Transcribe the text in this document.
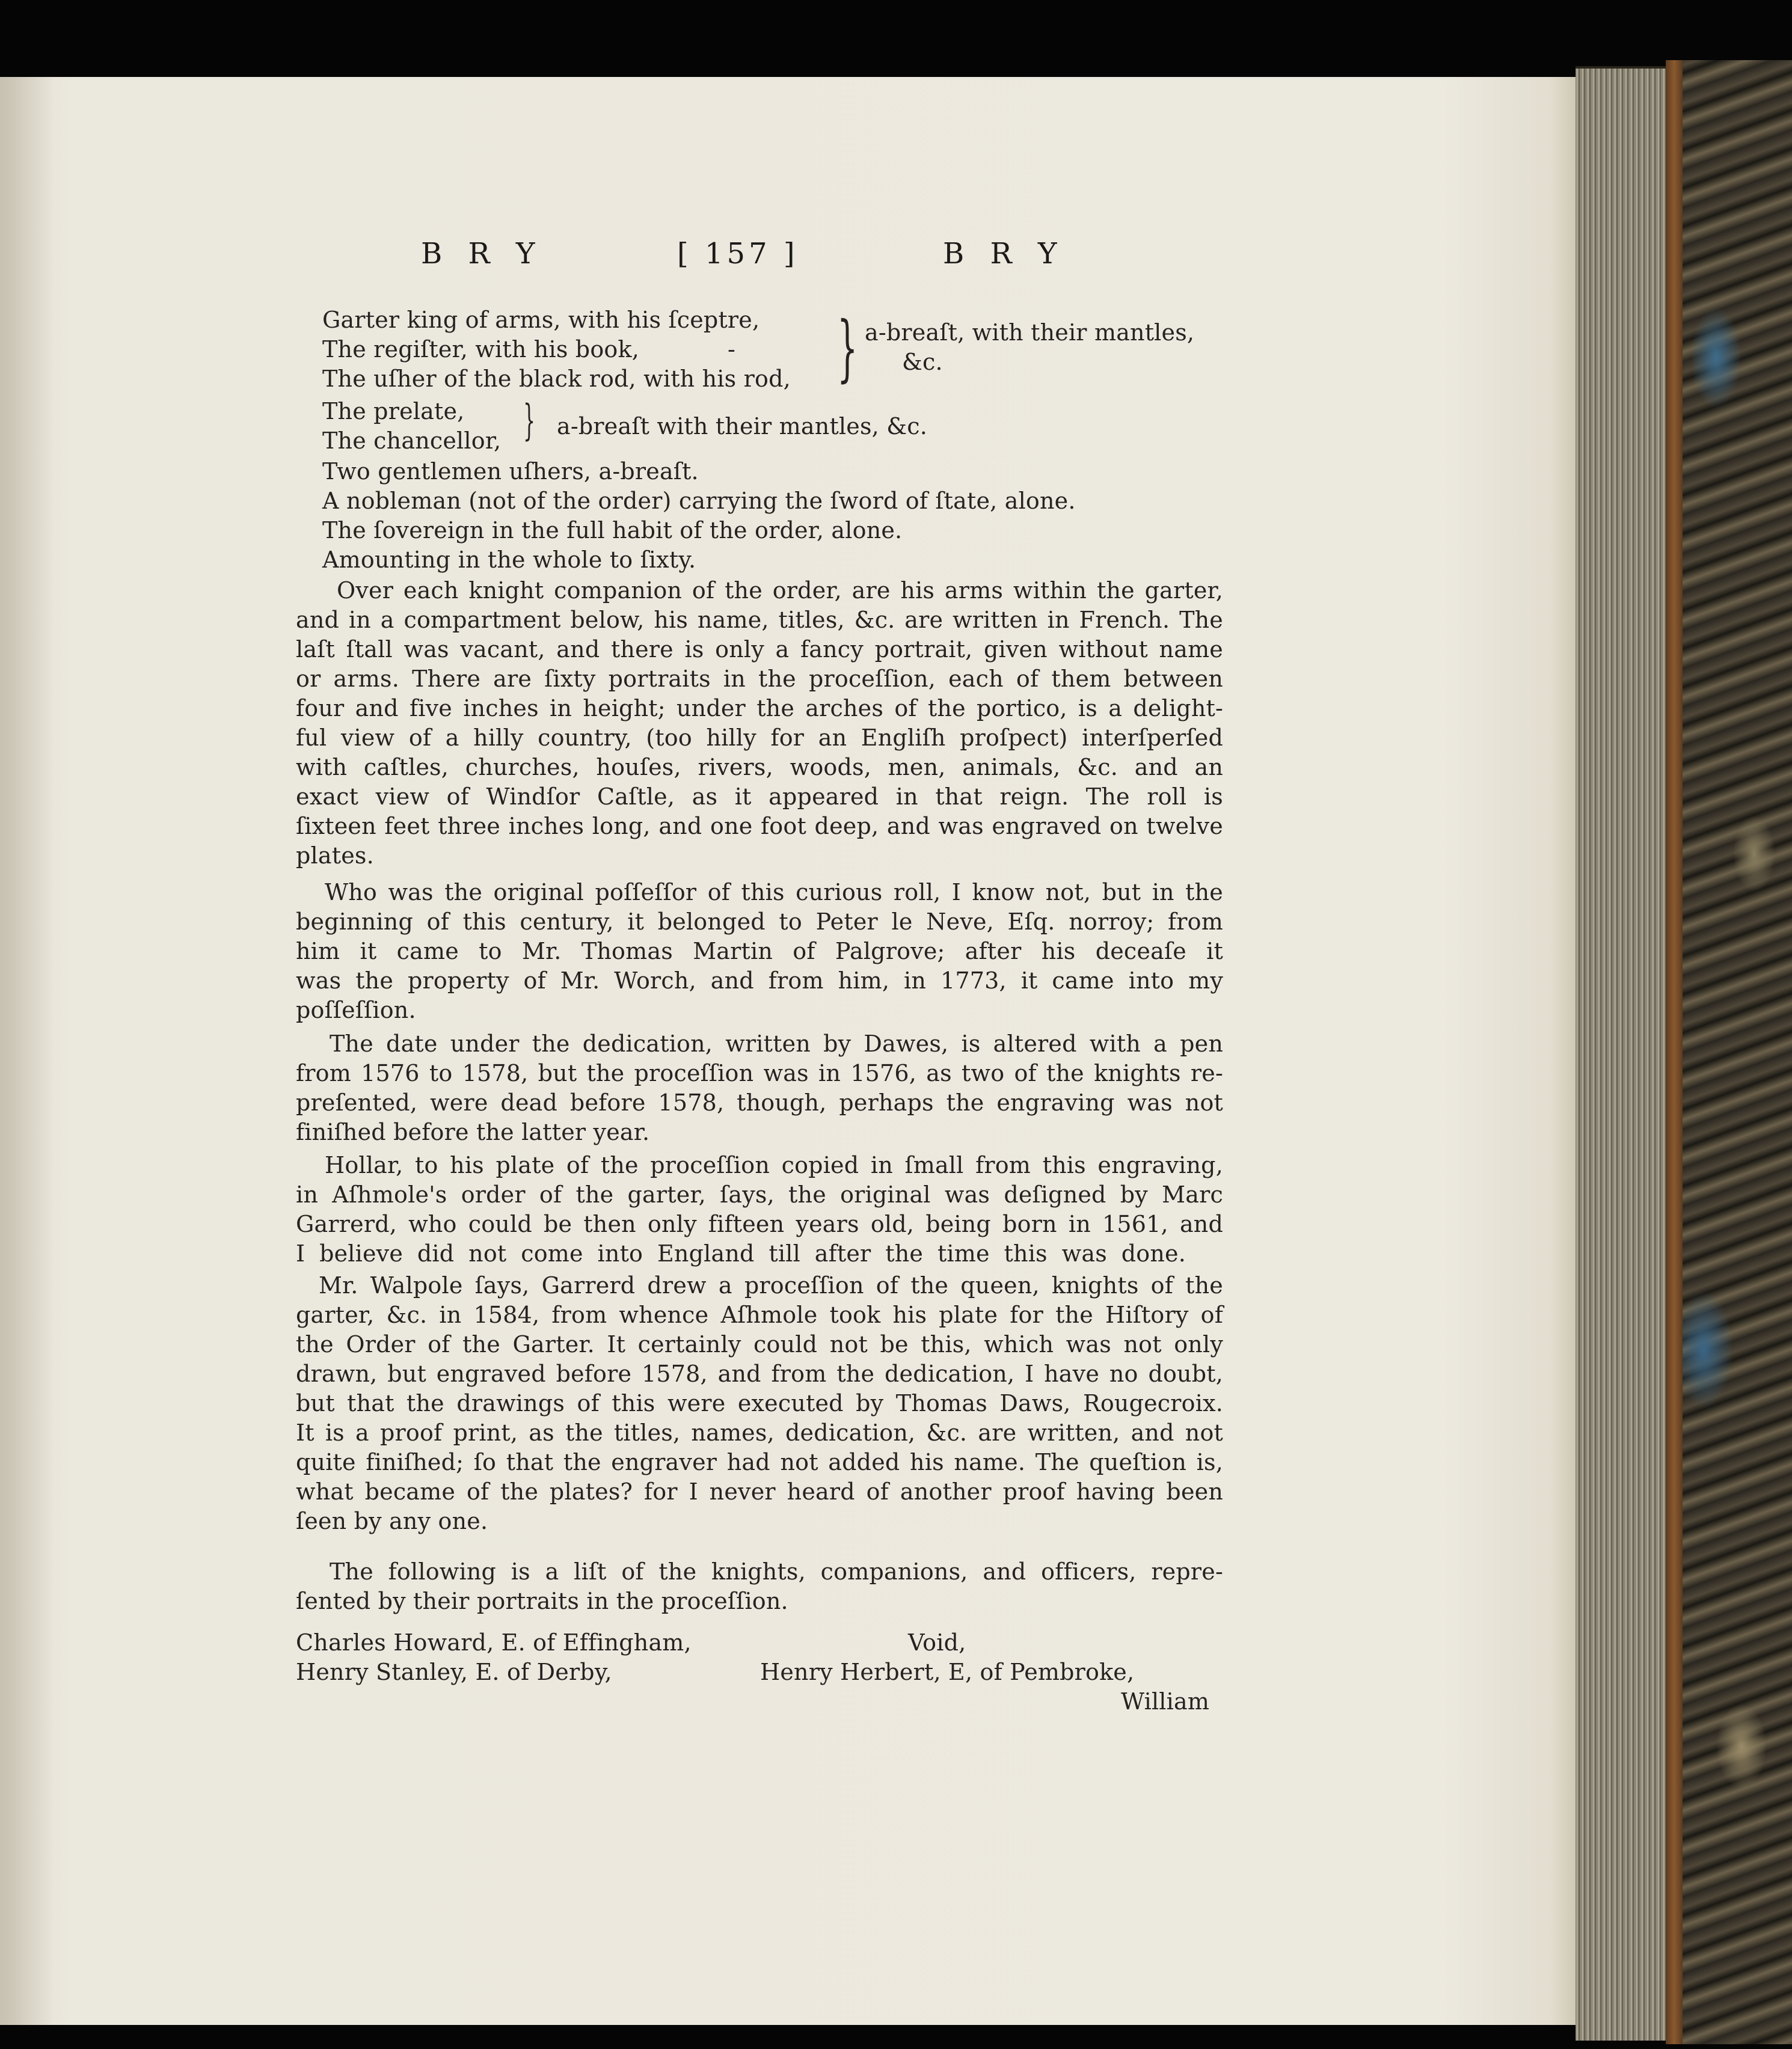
B R Y	[ 157 ]	B R Y
Garter king of arms, with his ſceptre,
The regiſter, with his book,	-
The uſher of the black rod, with his rod, } a-breaſt, with their mantles,
&c.
The prelate,
The chancellor, } a-breaſt with their mantles, &c.
Two gentlemen uſhers, a-breaſt.
A nobleman (not of the order) carrying the ſword of ſtate, alone.
The ſovereign in the full habit of the order, alone.
Amounting in the whole to ſixty.
Over each knight companion of the order, are his arms within the garter,
and in a compartment below, his name, titles, &c. are written in French. The
laſt ſtall was vacant, and there is only a fancy portrait, given without name
or arms. There are ſixty portraits in the proceſſion, each of them between
four and five inches in height; under the arches of the portico, is a delight-
ful view of a hilly country, (too hilly for an Engliſh proſpect) interſperſed
with caſtles, churches, houſes, rivers, woods, men, animals, &c. and an
exact view of Windſor Caſtle, as it appeared in that reign. The roll is
ſixteen feet three inches long, and one foot deep, and was engraved on twelve
plates.
Who was the original poſſeſſor of this curious roll, I know not, but in the
beginning of this century, it belonged to Peter le Neve, Eſq. norroy; from
him it came to Mr. Thomas Martin of Palgrove; after his deceaſe it
was the property of Mr. Worch, and from him, in 1773, it came into my
poſſeſſion.
The date under the dedication, written by Dawes, is altered with a pen
from 1576 to 1578, but the proceſſion was in 1576, as two of the knights re-
preſented, were dead before 1578, though, perhaps the engraving was not
finiſhed before the latter year.
Hollar, to his plate of the proceſſion copied in ſmall from this engraving,
in Aſhmole's order of the garter, ſays, the original was deſigned by Marc
Garrerd, who could be then only fifteen years old, being born in 1561, and
I believe did not come into England till after the time this was done.
Mr. Walpole ſays, Garrerd drew a proceſſion of the queen, knights of the
garter, &c. in 1584, from whence Aſhmole took his plate for the Hiſtory of
the Order of the Garter. It certainly could not be this, which was not only
drawn, but engraved before 1578, and from the dedication, I have no doubt,
but that the drawings of this were executed by Thomas Daws, Rougecroix.
It is a proof print, as the titles, names, dedication, &c. are written, and not
quite finiſhed; ſo that the engraver had not added his name. The queſtion is,
what became of the plates? for I never heard of another proof having been
ſeen by any one.
The following is a liſt of the knights, companions, and officers, repre-
ſented by their portraits in the proceſſion.
Charles Howard, E. of Effingham,	Void,
Henry Stanley, E. of Derby,	Henry Herbert, E, of Pembroke,
William
